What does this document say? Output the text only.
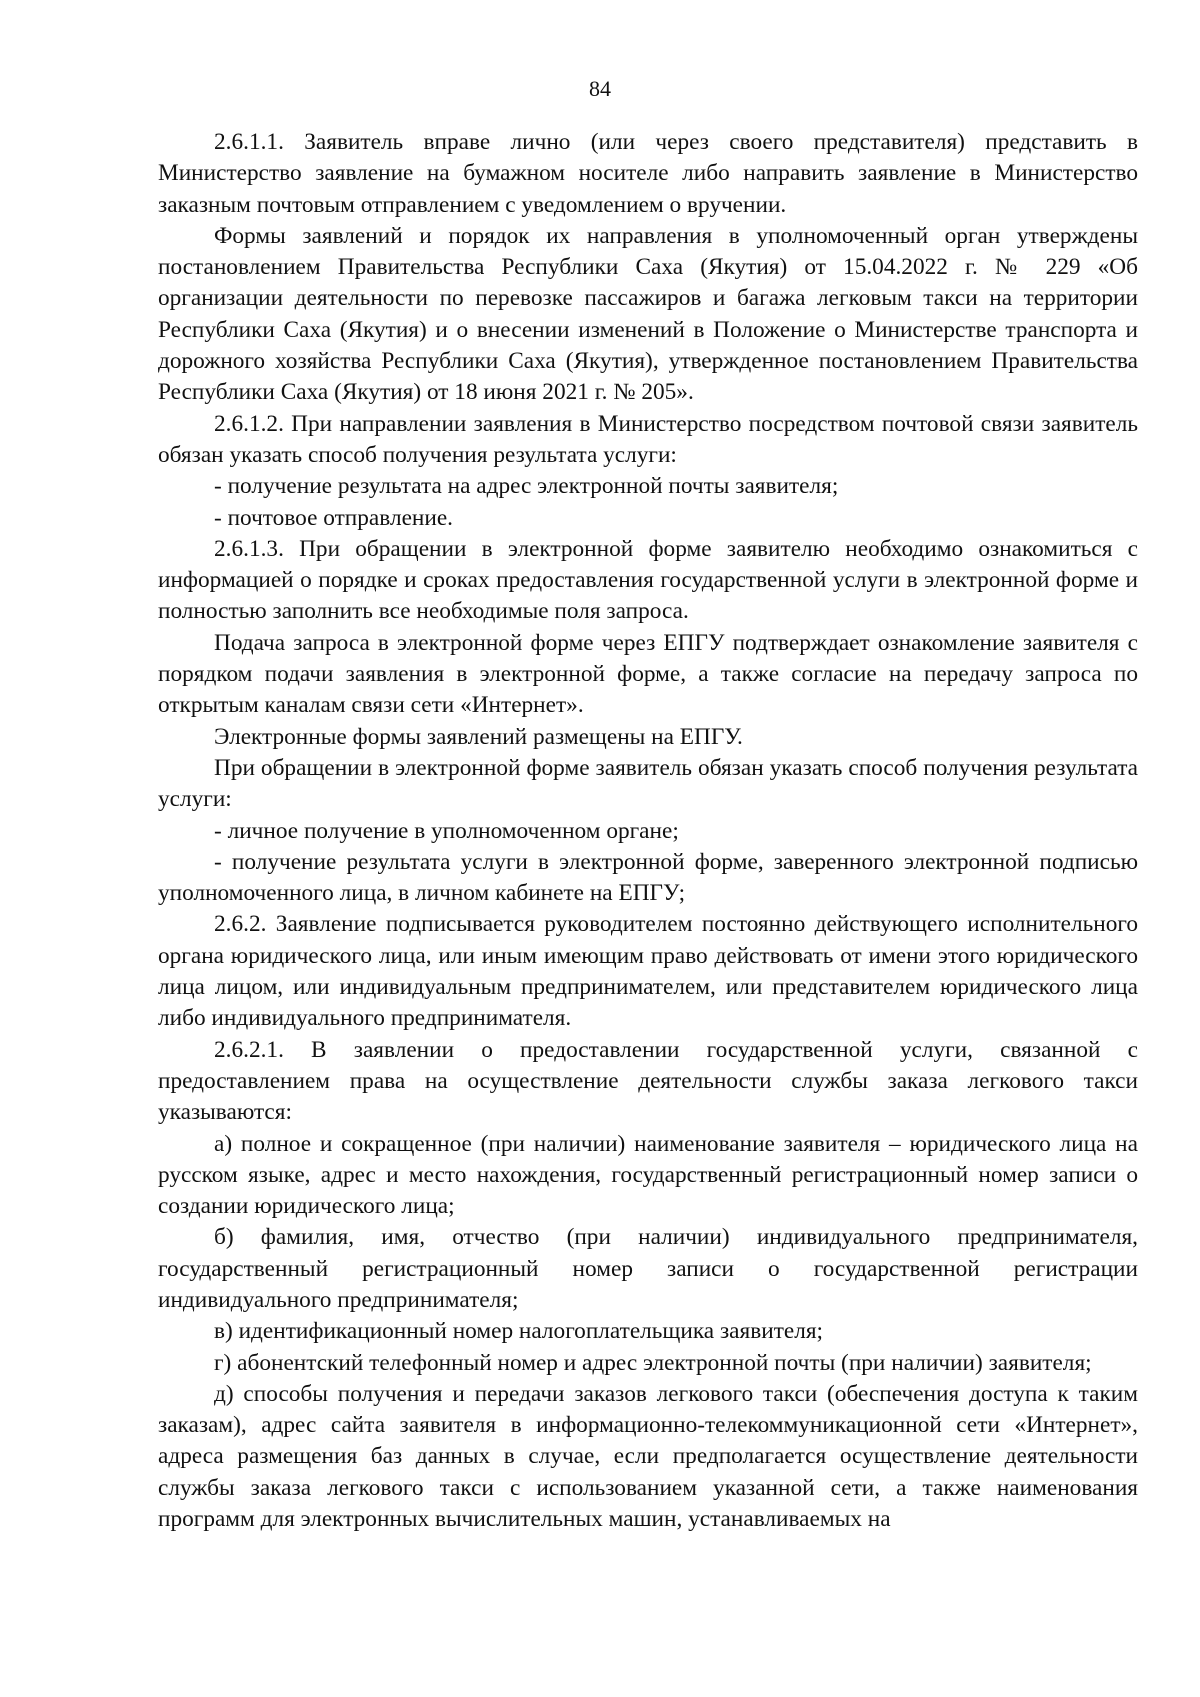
84

2.6.1.1. Заявитель вправе лично (или через своего представителя) представить в Министерство заявление на бумажном носителе либо направить заявление в Министерство заказным почтовым отправлением с уведомлением о вручении.

Формы заявлений и порядок их направления в уполномоченный орган утверждены постановлением Правительства Республики Саха (Якутия) от 15.04.2022 г. № 229 «Об организации деятельности по перевозке пассажиров и багажа легковым такси на территории Республики Саха (Якутия) и о внесении изменений в Положение о Министерстве транспорта и дорожного хозяйства Республики Саха (Якутия), утвержденное постановлением Правительства Республики Саха (Якутия) от 18 июня 2021 г. № 205».

2.6.1.2. При направлении заявления в Министерство посредством почтовой связи заявитель обязан указать способ получения результата услуги:

- получение результата на адрес электронной почты заявителя;

- почтовое отправление.

2.6.1.3. При обращении в электронной форме заявителю необходимо ознакомиться с информацией о порядке и сроках предоставления государственной услуги в электронной форме и полностью заполнить все необходимые поля запроса.

Подача запроса в электронной форме через ЕПГУ подтверждает ознакомление заявителя с порядком подачи заявления в электронной форме, а также согласие на передачу запроса по открытым каналам связи сети «Интернет».

Электронные формы заявлений размещены на ЕПГУ.

При обращении в электронной форме заявитель обязан указать способ получения результата услуги:

- личное получение в уполномоченном органе;

- получение результата услуги в электронной форме, заверенного электронной подписью уполномоченного лица, в личном кабинете на ЕПГУ;

2.6.2. Заявление подписывается руководителем постоянно действующего исполнительного органа юридического лица, или иным имеющим право действовать от имени этого юридического лица лицом, или индивидуальным предпринимателем, или представителем юридического лица либо индивидуального предпринимателя.

2.6.2.1. В заявлении о предоставлении государственной услуги, связанной с предоставлением права на осуществление деятельности службы заказа легкового такси указываются:

а) полное и сокращенное (при наличии) наименование заявителя – юридического лица на русском языке, адрес и место нахождения, государственный регистрационный номер записи о создании юридического лица;

б) фамилия, имя, отчество (при наличии) индивидуального предпринимателя, государственный регистрационный номер записи о государственной регистрации индивидуального предпринимателя;

в) идентификационный номер налогоплательщика заявителя;

г) абонентский телефонный номер и адрес электронной почты (при наличии) заявителя;

д) способы получения и передачи заказов легкового такси (обеспечения доступа к таким заказам), адрес сайта заявителя в информационно-телекоммуникационной сети «Интернет», адреса размещения баз данных в случае, если предполагается осуществление деятельности службы заказа легкового такси с использованием указанной сети, а также наименования программ для электронных вычислительных машин, устанавливаемых на
